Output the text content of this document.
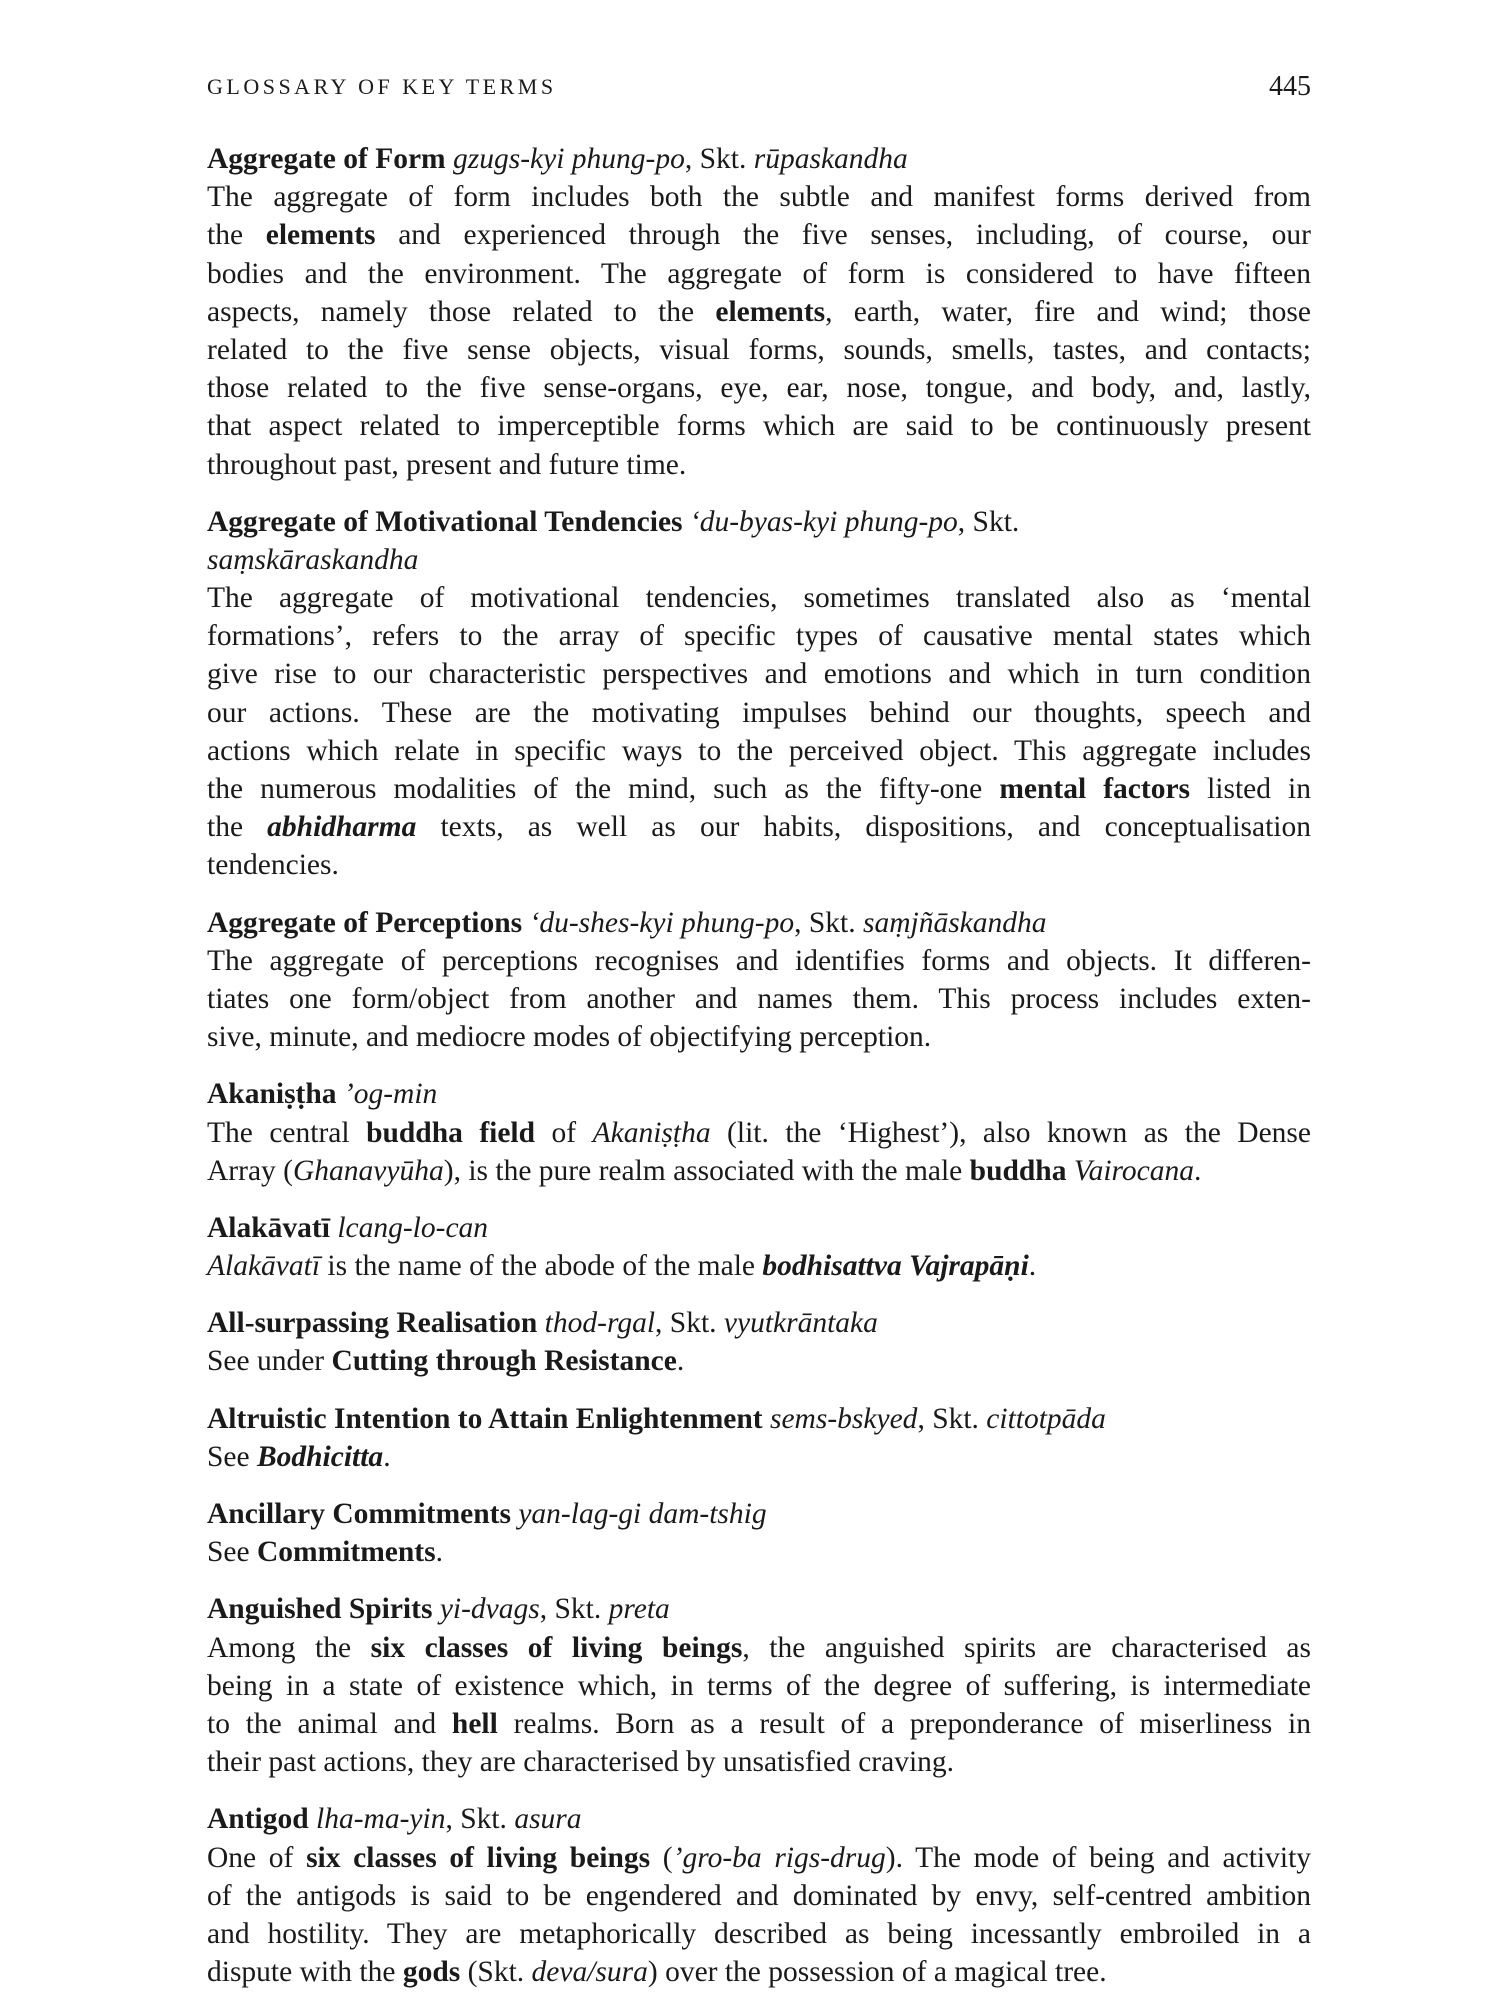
GLOSSARY OF KEY TERMS	445
Aggregate of Form gzugs-kyi phung-po, Skt. rūpaskandha
The aggregate of form includes both the subtle and manifest forms derived from
the elements and experienced through the five senses, including, of course, our
bodies and the environment. The aggregate of form is considered to have fifteen
aspects, namely those related to the elements, earth, water, fire and wind; those
related to the five sense objects, visual forms, sounds, smells, tastes, and contacts;
those related to the five sense-organs, eye, ear, nose, tongue, and body, and, lastly,
that aspect related to imperceptible forms which are said to be continuously present
throughout past, present and future time.
Aggregate of Motivational Tendencies ‘du-byas-kyi phung-po, Skt.
saṃskāraskandha
The aggregate of motivational tendencies, sometimes translated also as ‘mental
formations’, refers to the array of specific types of causative mental states which
give rise to our characteristic perspectives and emotions and which in turn condition
our actions. These are the motivating impulses behind our thoughts, speech and
actions which relate in specific ways to the perceived object. This aggregate includes
the numerous modalities of the mind, such as the fifty-one mental factors listed in
the abhidharma texts, as well as our habits, dispositions, and conceptualisation
tendencies.
Aggregate of Perceptions ‘du-shes-kyi phung-po, Skt. saṃjñāskandha
The aggregate of perceptions recognises and identifies forms and objects. It differen-
tiates one form/object from another and names them. This process includes exten-
sive, minute, and mediocre modes of objectifying perception.
Akaniṣṭha ’og-min
The central buddha field of Akaniṣṭha (lit. the ‘Highest’), also known as the Dense
Array (Ghanavyūha), is the pure realm associated with the male buddha Vairocana.
Alakāvatī lcang-lo-can
Alakāvatī is the name of the abode of the male bodhisattva Vajrapāṇi.
All-surpassing Realisation thod-rgal, Skt. vyutkrāntaka
See under Cutting through Resistance.
Altruistic Intention to Attain Enlightenment sems-bskyed, Skt. cittotpāda
See Bodhicitta.
Ancillary Commitments yan-lag-gi dam-tshig
See Commitments.
Anguished Spirits yi-dvags, Skt. preta
Among the six classes of living beings, the anguished spirits are characterised as
being in a state of existence which, in terms of the degree of suffering, is intermediate
to the animal and hell realms. Born as a result of a preponderance of miserliness in
their past actions, they are characterised by unsatisfied craving.
Antigod lha-ma-yin, Skt. asura
One of six classes of living beings (’gro-ba rigs-drug). The mode of being and activity
of the antigods is said to be engendered and dominated by envy, self-centred ambition
and hostility. They are metaphorically described as being incessantly embroiled in a
dispute with the gods (Skt. deva/sura) over the possession of a magical tree.
